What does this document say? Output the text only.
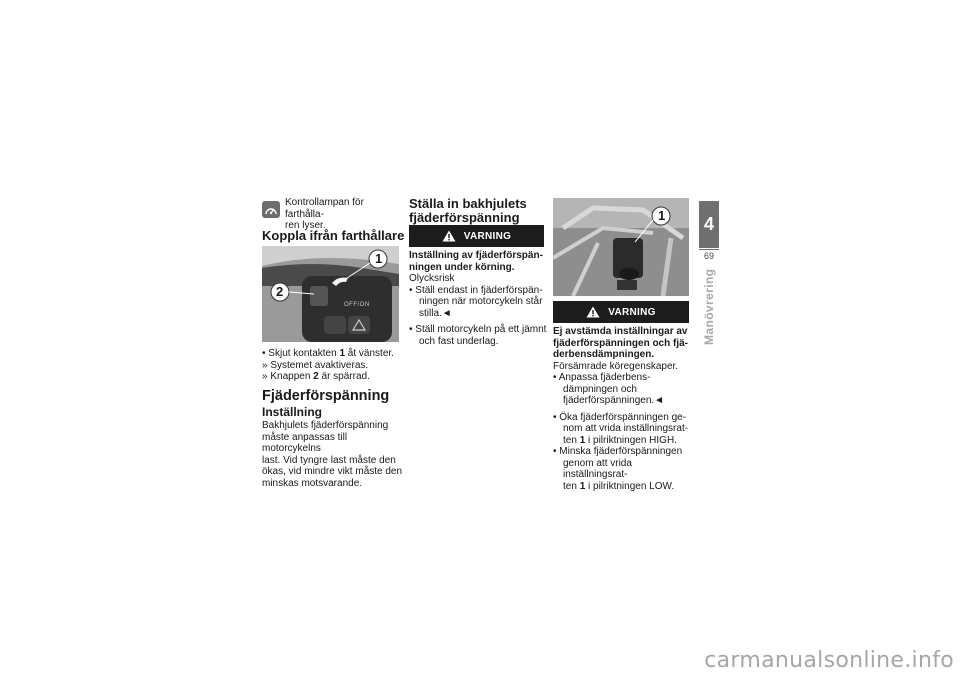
Kontrollampan för farthålla-
ren lyser.
Koppla ifrån farthållare
1
2
OFF/ON
• Skjut kontakten 1 åt vänster.
» Systemet avaktiveras.
» Knappen 2 är spärrad.
Fjäderförspänning
Inställning
Bakhjulets fjäderförspänning
måste anpassas till motorcykelns
last. Vid tyngre last måste den
ökas, vid mindre vikt måste den
minskas motsvarande.
Ställa in bakhjulets
fjäderförspänning
VARNING
Inställning av fjäderförspän-
ningen under körning.
Olycksrisk
• Ställ endast in fjäderförspän-
ningen när motorcykeln står
stilla.◄
• Ställ motorcykeln på ett jämnt
och fast underlag.
1
VARNING
Ej avstämda inställningar av
fjäderförspänningen och fjä-
derbensdämpningen.
Försämrade köregenskaper.
• Anpassa fjäderbens-
dämpningen och
fjäderförspänningen.◄
• Öka fjäderförspänningen ge-
nom att vrida inställningsrat-
ten 1 i pilriktningen HIGH.
• Minska fjäderförspänningen
genom att vrida inställningsrat-
ten 1 i pilriktningen LOW.
4
69
Manövrering
carmanualsonline.info
